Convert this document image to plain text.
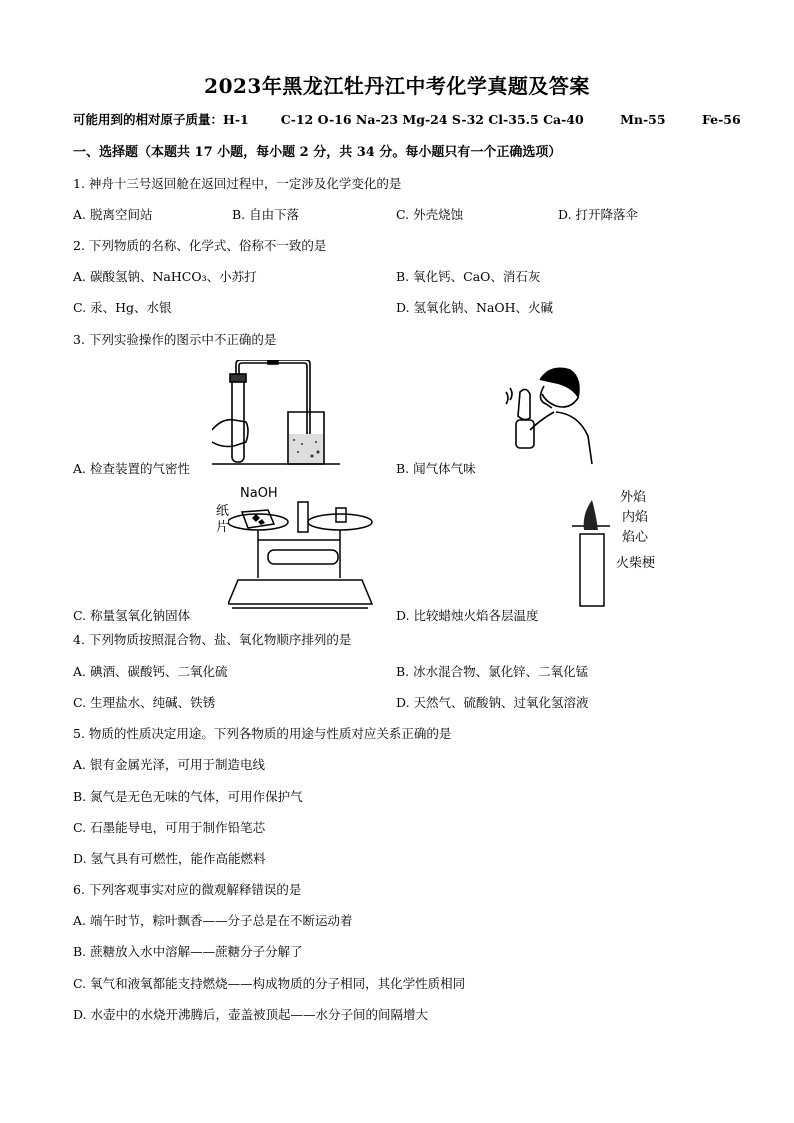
2023年黑龙江牡丹江中考化学真题及答案
可能用到的相对原子质量：H-1	C-12 O-16 Na-23 Mg-24 S-32 Cl-35.5 Ca-40	Mn-55	Fe-56
一、选择题（本题共 17 小题，每小题 2 分，共 34 分。每小题只有一个正确选项）
1. 神舟十三号返回舱在返回过程中，一定涉及化学变化的是
A. 脱离空间站	B. 自由下落	C. 外壳烧蚀	D. 打开降落伞
2. 下列物质的名称、化学式、俗称不一致的是
A. 碳酸氢钠、NaHCO₃、小苏打	B. 氧化钙、CaO、消石灰
C. 汞、Hg、水银	D. 氢氧化钠、NaOH、火碱
3. 下列实验操作的图示中不正确的是
A. 检查装置的气密性	B. 闻气体气味
NaOH
纸
片
C. 称量氢氧化钠固体
外焰
内焰
焰心
火柴梗
D. 比较蜡烛火焰各层温度
4. 下列物质按照混合物、盐、氧化物顺序排列的是
A. 碘酒、碳酸钙、二氧化硫	B. 冰水混合物、氯化锌、二氧化锰
C. 生理盐水、纯碱、铁锈	D. 天然气、硫酸钠、过氧化氢溶液
5. 物质的性质决定用途。下列各物质的用途与性质对应关系正确的是
A. 银有金属光泽，可用于制造电线
B. 氮气是无色无味的气体，可用作保护气
C. 石墨能导电，可用于制作铅笔芯
D. 氢气具有可燃性，能作高能燃料
6. 下列客观事实对应的微观解释错误的是
A. 端午时节，粽叶飘香——分子总是在不断运动着
B. 蔗糖放入水中溶解——蔗糖分子分解了
C. 氧气和液氧都能支持燃烧——构成物质的分子相同，其化学性质相同
D. 水壶中的水烧开沸腾后，壶盖被顶起——水分子间的间隔增大
